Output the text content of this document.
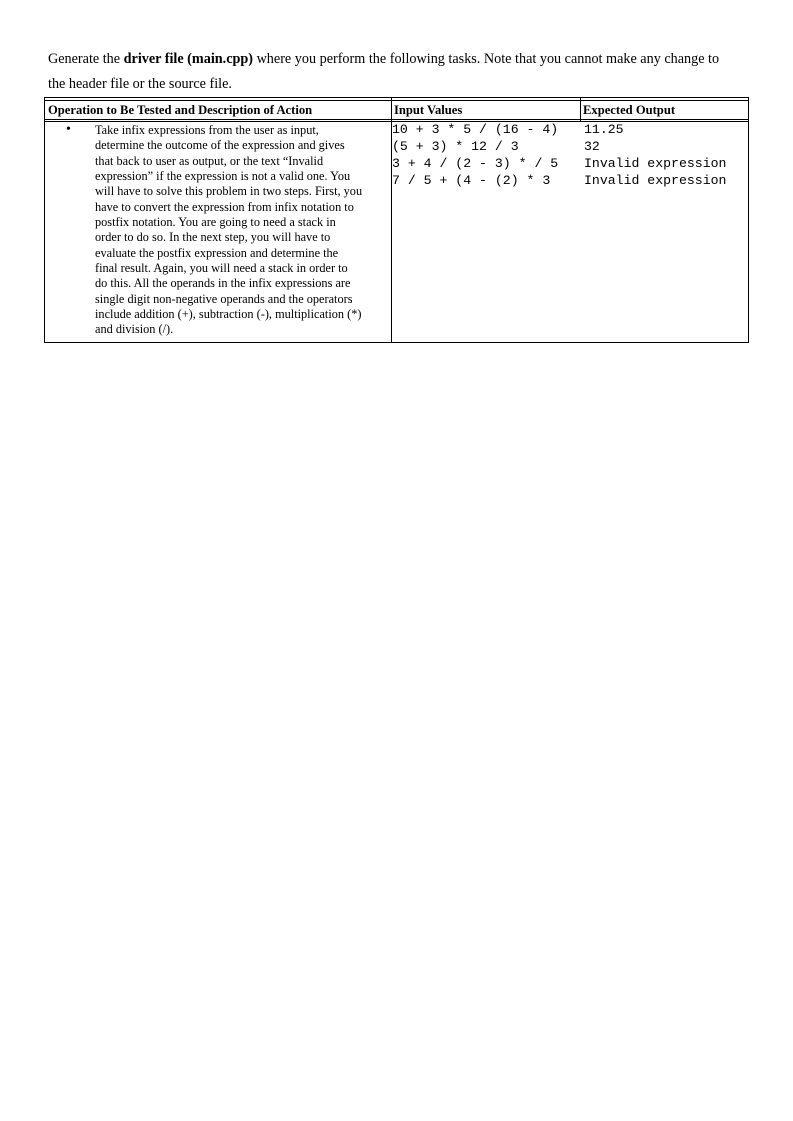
Generate the driver file (main.cpp) where you perform the following tasks. Note that you cannot make any change to
the header file or the source file.
Operation to Be Tested and Description of Action	Input Values	Expected Output
• Take infix expressions from the user as input,
determine the outcome of the expression and gives
that back to user as output, or the text “Invalid
expression” if the expression is not a valid one. You
will have to solve this problem in two steps. First, you
have to convert the expression from infix notation to
postfix notation. You are going to need a stack in
order to do so. In the next step, you will have to
evaluate the postfix expression and determine the
final result. Again, you will need a stack in order to
do this. All the operands in the infix expressions are
single digit non-negative operands and the operators
include addition (+), subtraction (-), multiplication (*)
and division (/).
10 + 3 * 5 / (16 - 4)
(5 + 3) * 12 / 3
3 + 4 / (2 - 3) * / 5
7 / 5 + (4 - (2) * 3
11.25
32
Invalid expression
Invalid expression
